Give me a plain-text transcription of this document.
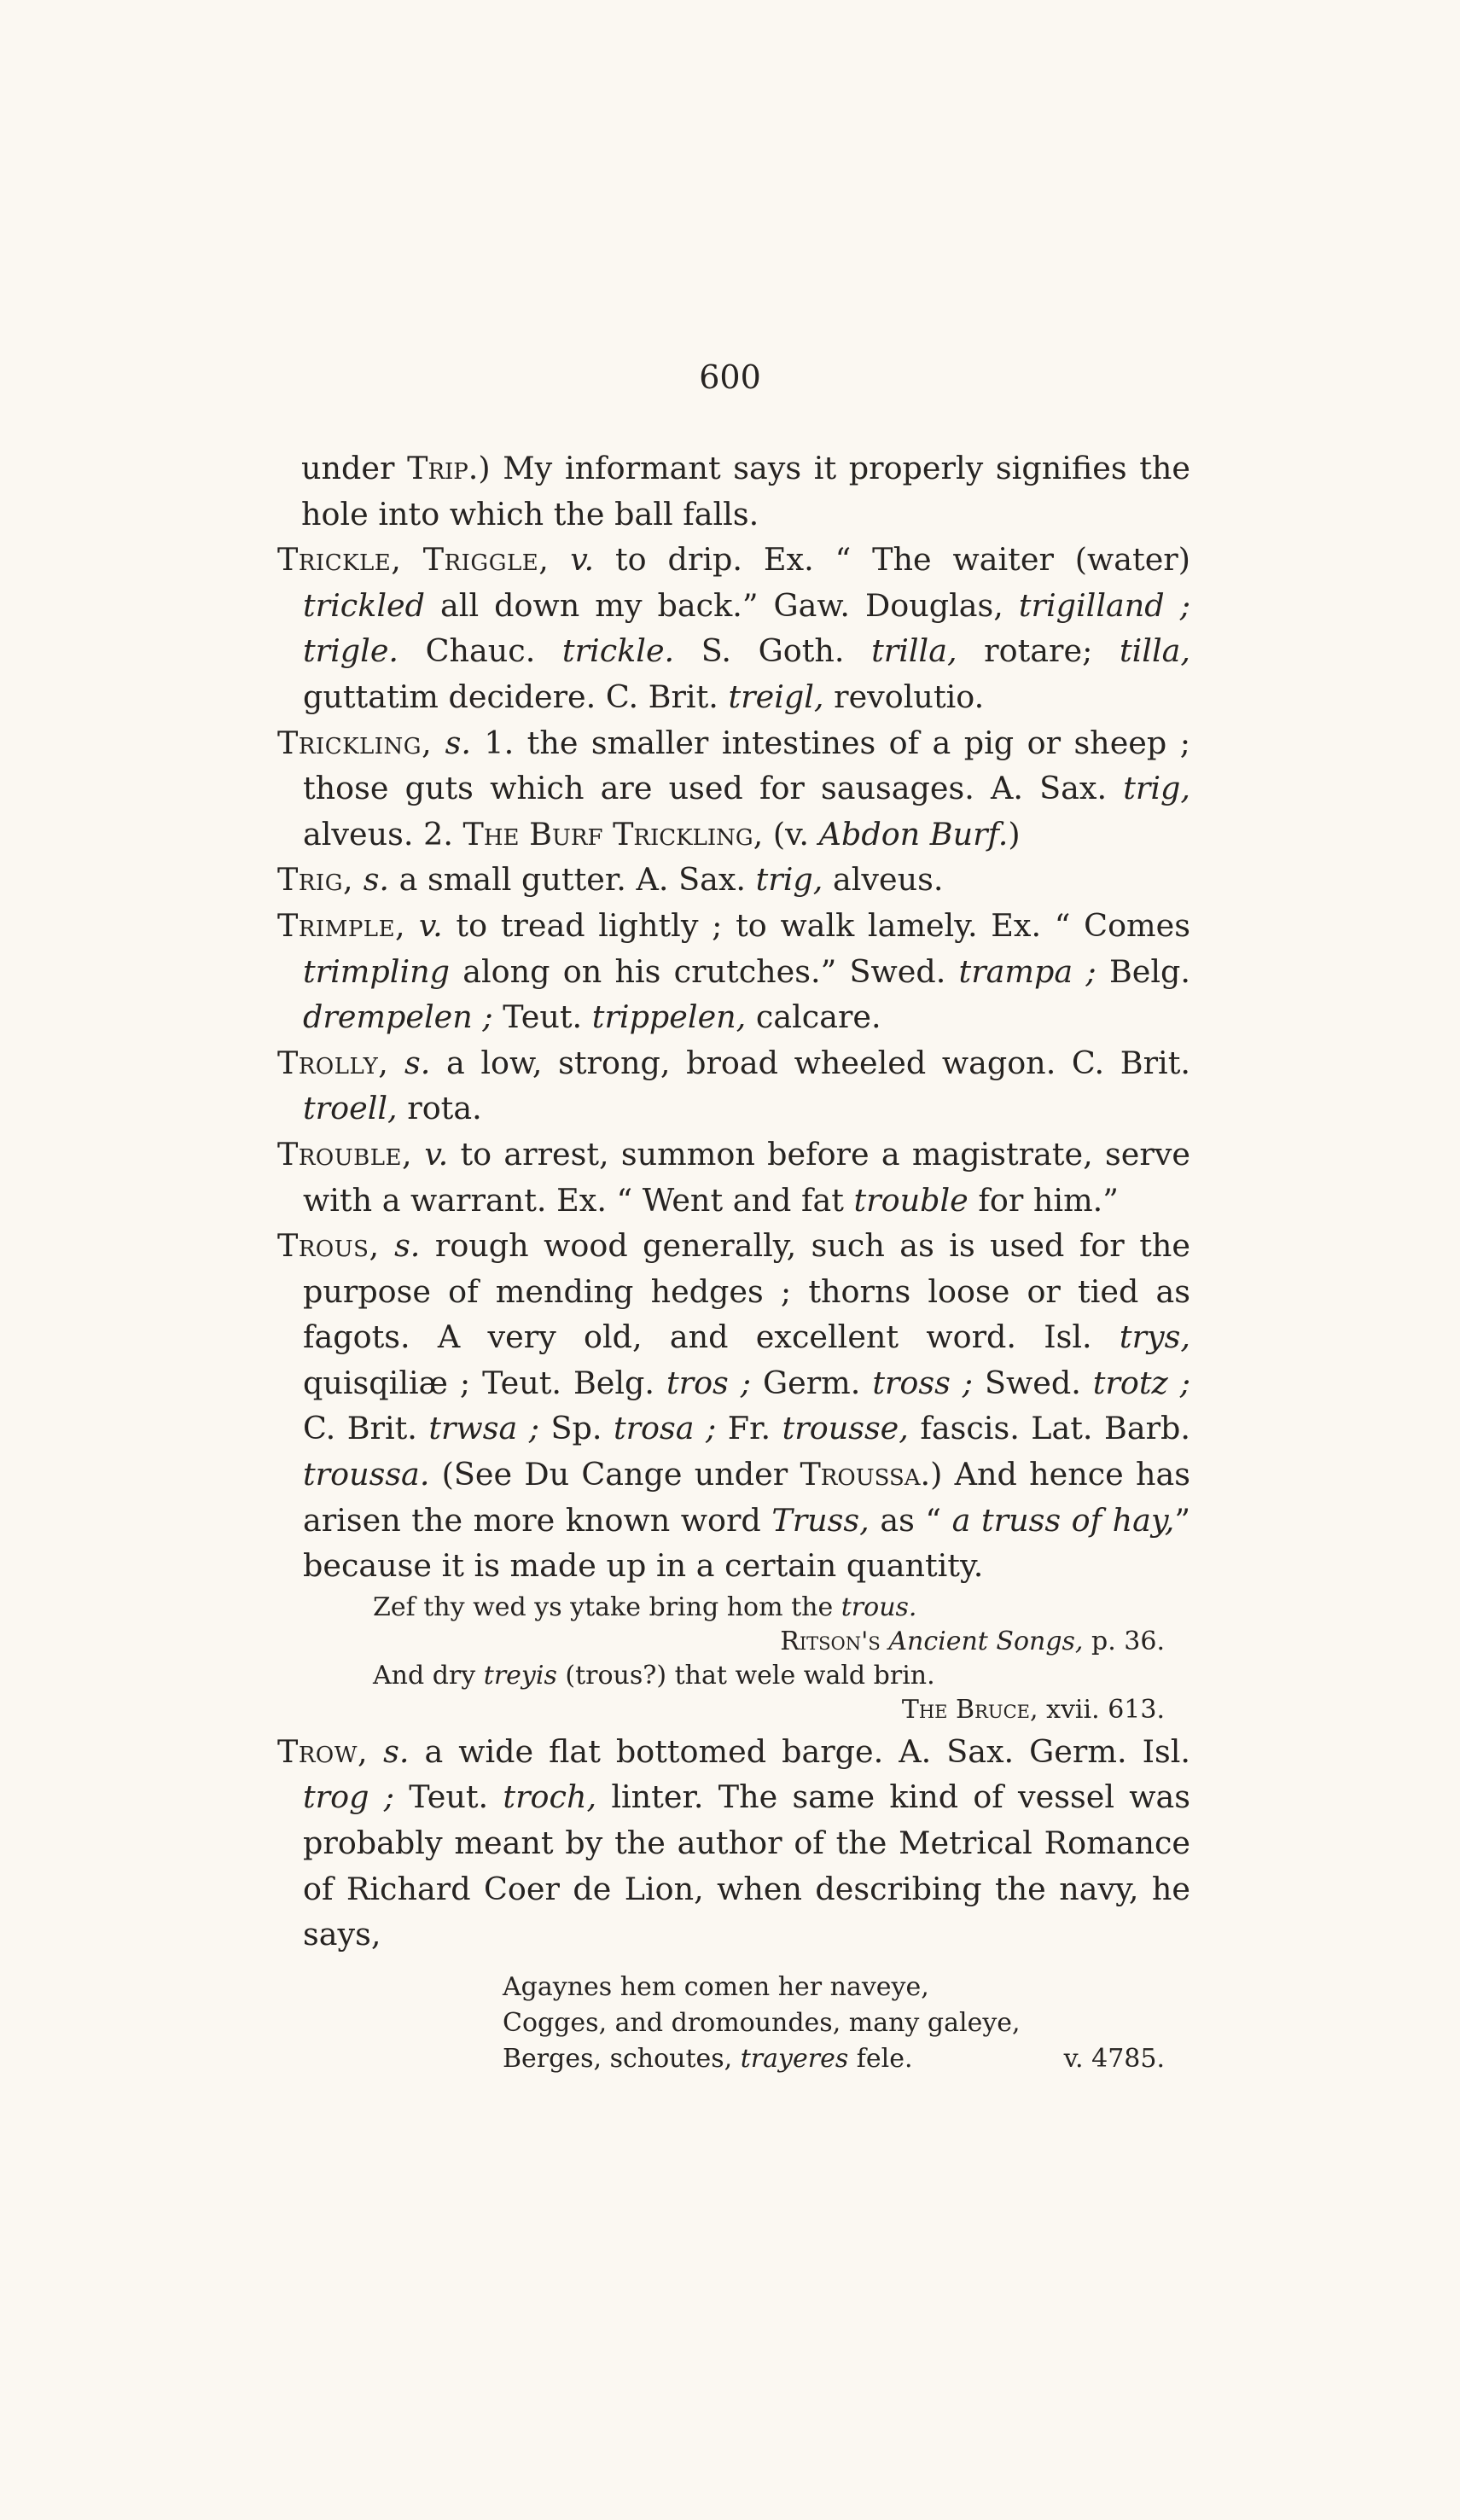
600

under Trip.) My informant says it properly signifies the hole into which the ball falls.

Trickle, Triggle, v. to drip. Ex. “ The waiter (water) trickled all down my back.” Gaw. Douglas, trigilland ; trigle. Chauc. trickle. S. Goth. trilla, rotare; tilla, guttatim decidere. C. Brit. treigl, revolutio.

Trickling, s. 1. the smaller intestines of a pig or sheep ; those guts which are used for sausages. A. Sax. trig, alveus. 2. The Burf Trickling, (v. Abdon Burf.)

Trig, s. a small gutter. A. Sax. trig, alveus.

Trimple, v. to tread lightly ; to walk lamely. Ex. “ Comes trimpling along on his crutches.” Swed. trampa ; Belg. drempelen ; Teut. trippelen, calcare.

Trolly, s. a low, strong, broad wheeled wagon. C. Brit. troell, rota.

Trouble, v. to arrest, summon before a magistrate, serve with a warrant. Ex. “ Went and fat trouble for him.”

Trous, s. rough wood generally, such as is used for the purpose of mending hedges ; thorns loose or tied as fagots. A very old, and excellent word. Isl. trys, quisqiliæ ; Teut. Belg. tros ; Germ. tross ; Swed. trotz ; C. Brit. trwsa ; Sp. trosa ; Fr. trousse, fascis. Lat. Barb. troussa. (See Du Cange under Troussa.) And hence has arisen the more known word Truss, as “ a truss of hay,” because it is made up in a certain quantity.

Zef thy wed ys ytake bring hom the trous.
Ritson's Ancient Songs, p. 36.
And dry treyis (trous?) that wele wald brin.
The Bruce, xvii. 613.

Trow, s. a wide flat bottomed barge. A. Sax. Germ. Isl. trog ; Teut. troch, linter. The same kind of vessel was probably meant by the author of the Metrical Romance of Richard Coer de Lion, when describing the navy, he says,

Agaynes hem comen her naveye,
Cogges, and dromoundes, many galeye,
Berges, schoutes, trayeres fele.	v. 4785.
